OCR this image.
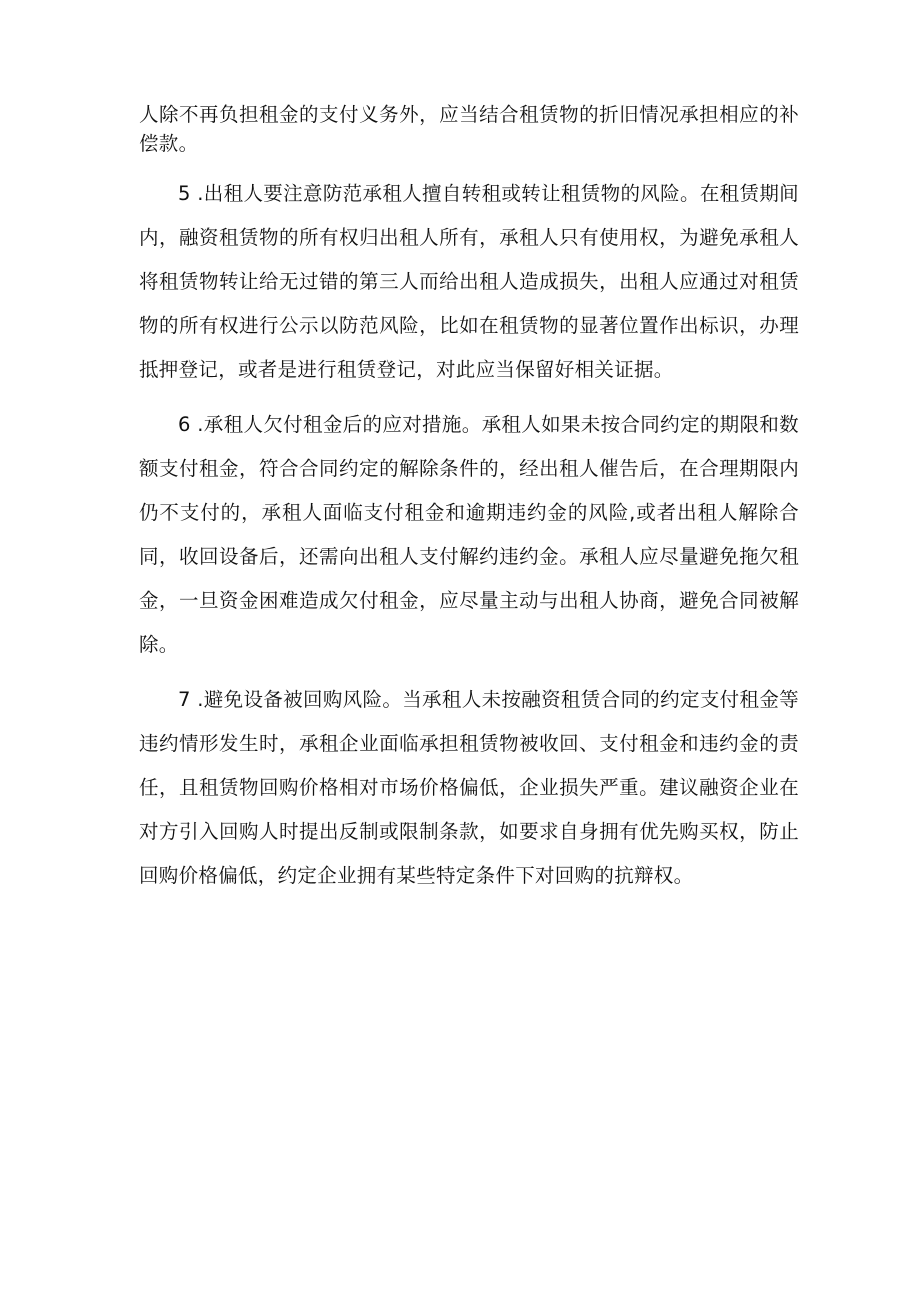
人除不再负担租金的支付义务外，应当结合租赁物的折旧情况承担相应的补偿款。

5 .出租人要注意防范承租人擅自转租或转让租赁物的风险。在租赁期间内，融资租赁物的所有权归出租人所有，承租人只有使用权，为避免承租人将租赁物转让给无过错的第三人而给出租人造成损失，出租人应通过对租赁物的所有权进行公示以防范风险，比如在租赁物的显著位置作出标识，办理抵押登记，或者是进行租赁登记，对此应当保留好相关证据。

6 .承租人欠付租金后的应对措施。承租人如果未按合同约定的期限和数额支付租金，符合合同约定的解除条件的，经出租人催告后，在合理期限内仍不支付的，承租人面临支付租金和逾期违约金的风险,或者出租人解除合同，收回设备后，还需向出租人支付解约违约金。承租人应尽量避免拖欠租金，一旦资金困难造成欠付租金，应尽量主动与出租人协商，避免合同被解除。

7 .避免设备被回购风险。当承租人未按融资租赁合同的约定支付租金等违约情形发生时，承租企业面临承担租赁物被收回、支付租金和违约金的责任，且租赁物回购价格相对市场价格偏低，企业损失严重。建议融资企业在对方引入回购人时提出反制或限制条款，如要求自身拥有优先购买权，防止回购价格偏低，约定企业拥有某些特定条件下对回购的抗辩权。
